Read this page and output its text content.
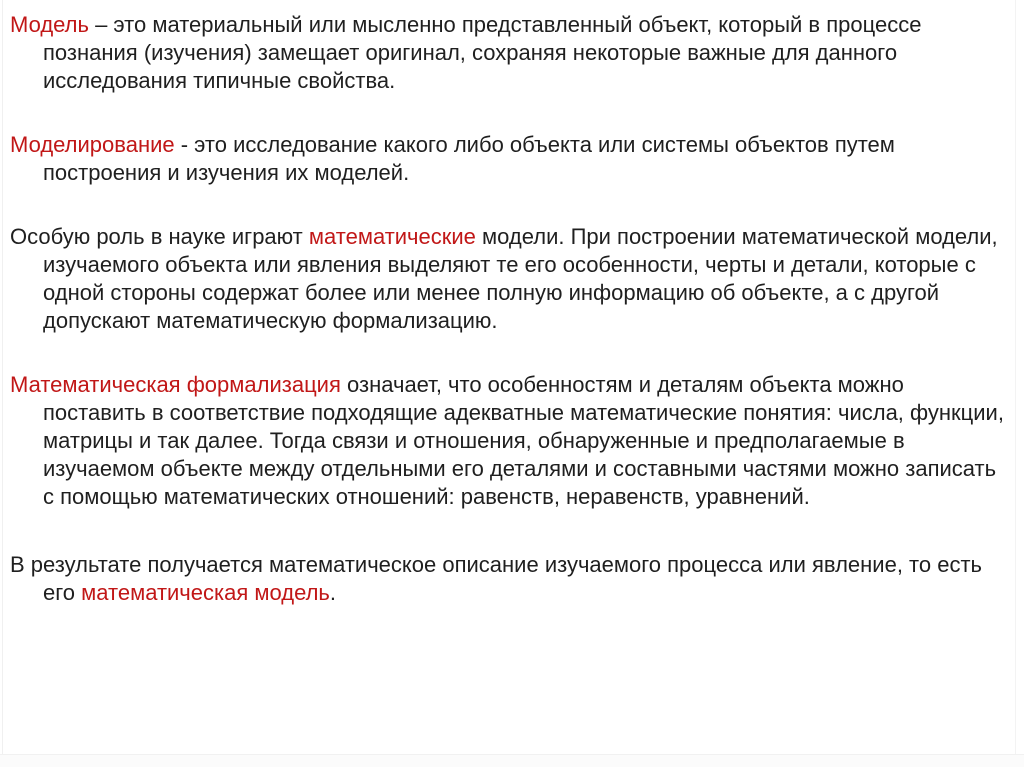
Модель – это материальный или мысленно представленный объект, который в процессе познания (изучения) замещает оригинал, сохраняя некоторые важные для данного исследования типичные свойства.

Моделирование - это исследование какого либо объекта или системы объектов путем построения и изучения их моделей.

Особую роль в науке играют математические модели. При построении математической модели, изучаемого объекта или явления выделяют те его особенности, черты и детали, которые с одной стороны содержат более или менее полную информацию об объекте, а с другой допускают математическую формализацию.

Математическая формализация означает, что особенностям и деталям объекта можно поставить в соответствие подходящие адекватные математические понятия: числа, функции, матрицы и так далее. Тогда связи и отношения, обнаруженные и предполагаемые в изучаемом объекте между отдельными его деталями и составными частями можно записать с помощью математических отношений: равенств, неравенств, уравнений.

В результате получается математическое описание изучаемого процесса или явление, то есть его математическая модель.
